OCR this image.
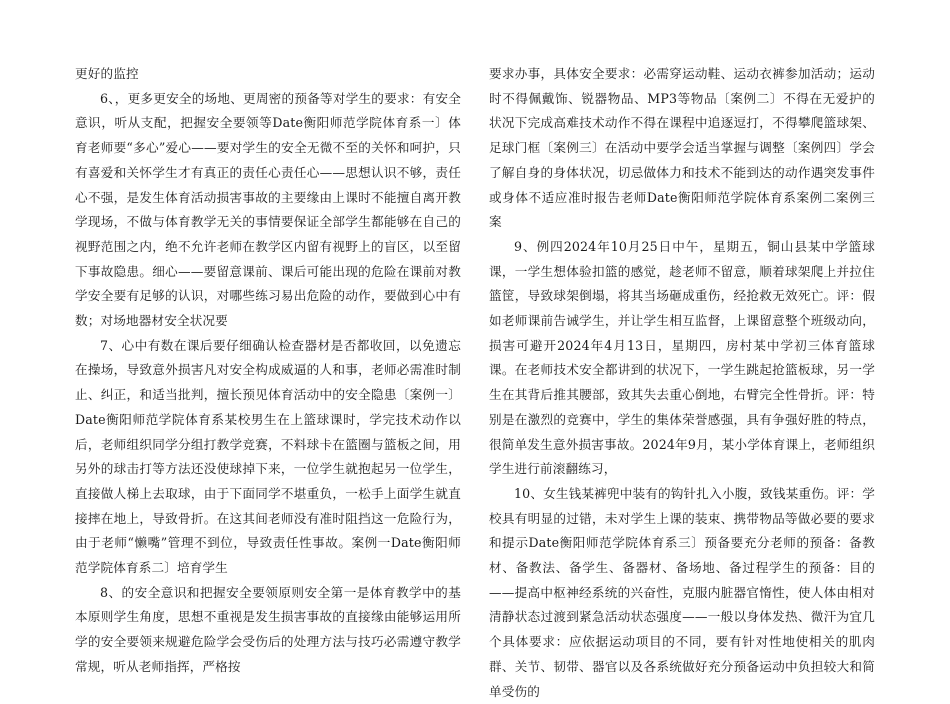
更好的监控

6、，更多更安全的场地、更周密的预备等对学生的要求：有安全意识，听从支配，把握安全要领等Date衡阳师范学院体育系一〕体育老师要“多心”爱心——要对学生的安全无微不至的关怀和呵护，只有喜爱和关怀学生才有真正的责任心责任心——思想认识不够，责任心不强，是发生体育活动损害事故的主要缘由上课时不能擅自离开教学现场，不做与体育教学无关的事情要保证全部学生都能够在自己的视野范围之内，绝不允许老师在教学区内留有视野上的盲区，以至留下事故隐患。细心——要留意课前、课后可能出现的危险在课前对教学安全要有足够的认识，对哪些练习易出危险的动作，要做到心中有数；对场地器材安全状况要

7、心中有数在课后要仔细确认检查器材是否都收回，以免遗忘在操场，导致意外损害凡对安全构成威逼的人和事，老师必需准时制止、纠正，和适当批判，擅长预见体育活动中的安全隐患〔案例一〕Date衡阳师范学院体育系某校男生在上篮球课时，学完技术动作以后，老师组织同学分组打教学竞赛，不料球卡在篮圈与篮板之间，用另外的球击打等方法还没使球掉下来，一位学生就抱起另一位学生，直接做人梯上去取球，由于下面同学不堪重负，一松手上面学生就直接摔在地上，导致骨折。在这其间老师没有准时阻挡这一危险行为，由于老师“懒嘴”管理不到位，导致责任性事故。案例一Date衡阳师范学院体育系二〕培育学生

8、的安全意识和把握安全要领原则安全第一是体育教学中的基本原则学生角度，思想不重视是发生损害事故的直接缘由能够运用所学的安全要领来规避危险学会受伤后的处理方法与技巧必需遵守教学常规，听从老师指挥，严格按

要求办事，具体安全要求：必需穿运动鞋、运动衣裤参加活动；运动时不得佩戴饰、锐器物品、MP3等物品〔案例二〕不得在无爱护的状况下完成高难技术动作不得在课程中追逐逗打，不得攀爬篮球架、足球门框〔案例三〕在活动中要学会适当掌握与调整〔案例四〕学会了解自身的身体状况，切忌做体力和技术不能到达的动作遇突发事件或身体不适应准时报告老师Date衡阳师范学院体育系案例二案例三案

9、例四2024年10月25日中午，星期五，铜山县某中学篮球课，一学生想体验扣篮的感觉，趁老师不留意，顺着球架爬上并拉住篮筐，导致球架倒塌，将其当场砸成重伤，经抢救无效死亡。评：假如老师课前告诫学生，并让学生相互监督，上课留意整个班级动向，损害可避开2024年4月13日，星期四，房村某中学初三体育篮球课。在老师技术安全都讲到的状况下，一学生跳起抢篮板球，另一学生在其背后推其腰部，致其失去重心倒地，右臂完全性骨折。评：特别是在激烈的竞赛中，学生的集体荣誉感强，具有争强好胜的特点，很简单发生意外损害事故。2024年9月，某小学体育课上，老师组织学生进行前滚翻练习，

10、女生钱某裤兜中装有的钩针扎入小腹，致钱某重伤。评：学校具有明显的过错，未对学生上课的装束、携带物品等做必要的要求和提示Date衡阳师范学院体育系三〕预备要充分老师的预备：备教材、备教法、备学生、备器材、备场地、备过程学生的预备：目的——提高中枢神经系统的兴奋性，克服内脏器官惰性，使人体由相对清静状态过渡到紧急活动状态强度——一般以身体发热、微汗为宜几个具体要求：应依据运动项目的不同，要有针对性地使相关的肌肉群、关节、韧带、器官以及各系统做好充分预备运动中负担较大和简单受伤的
